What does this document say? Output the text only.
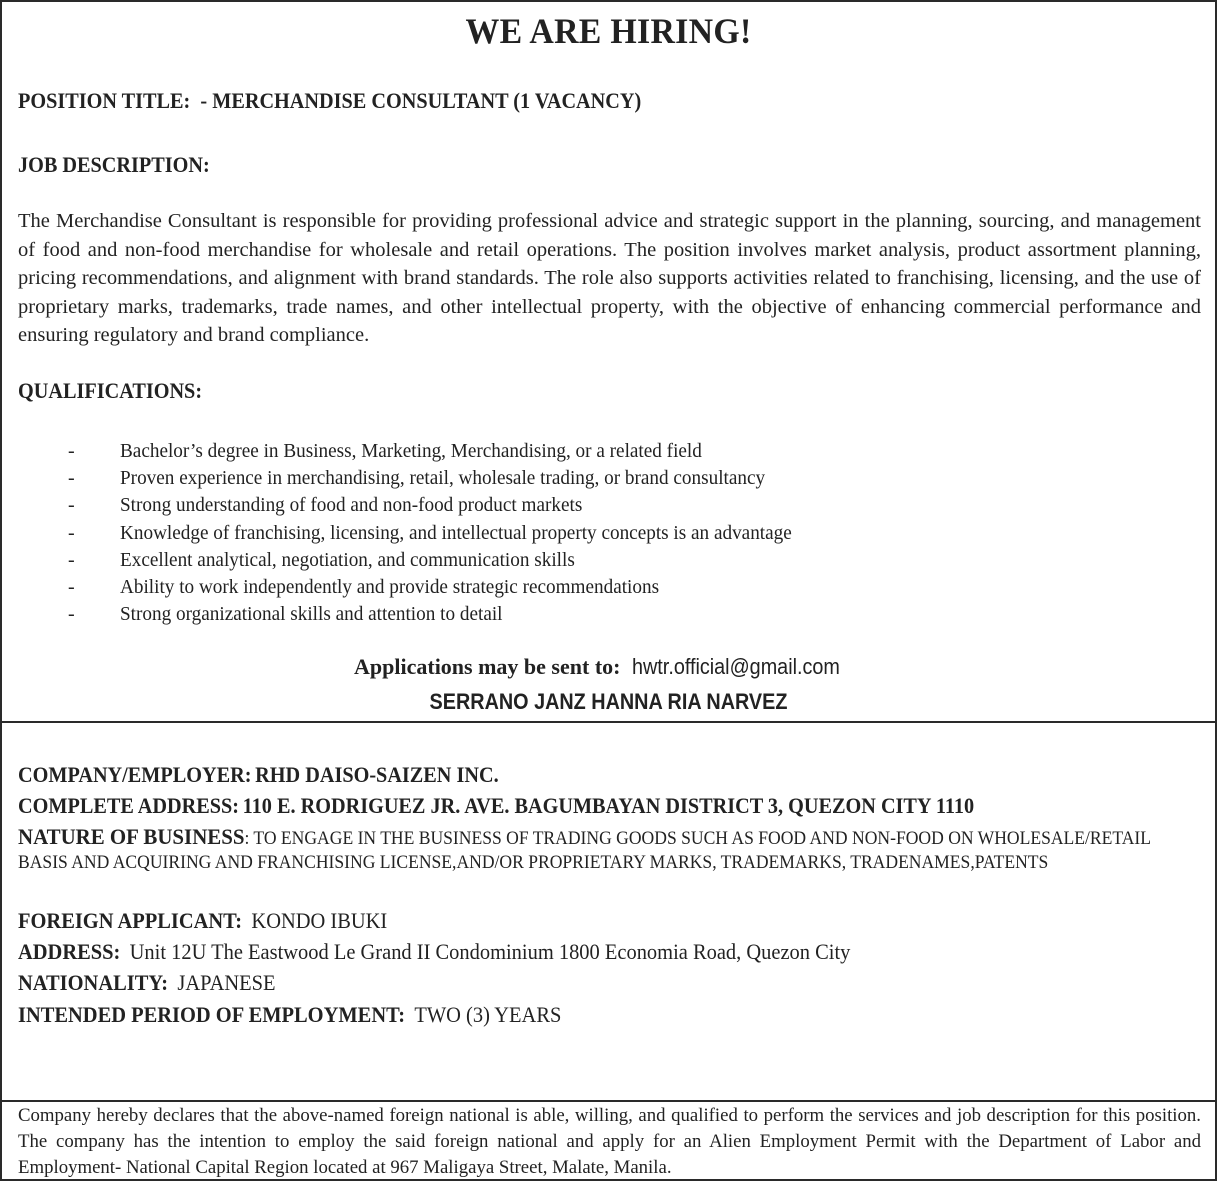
WE ARE HIRING!
POSITION TITLE: - MERCHANDISE CONSULTANT (1 VACANCY)
JOB DESCRIPTION:
The Merchandise Consultant is responsible for providing professional advice and strategic support in the planning, sourcing, and management of food and non-food merchandise for wholesale and retail operations. The position involves market analysis, product assortment planning, pricing recommendations, and alignment with brand standards. The role also supports activities related to franchising, licensing, and the use of proprietary marks, trademarks, trade names, and other intellectual property, with the objective of enhancing commercial performance and ensuring regulatory and brand compliance.
QUALIFICATIONS:
- Bachelor’s degree in Business, Marketing, Merchandising, or a related field
- Proven experience in merchandising, retail, wholesale trading, or brand consultancy
- Strong understanding of food and non-food product markets
- Knowledge of franchising, licensing, and intellectual property concepts is an advantage
- Excellent analytical, negotiation, and communication skills
- Ability to work independently and provide strategic recommendations
- Strong organizational skills and attention to detail
Applications may be sent to: hwtr.official@gmail.com
SERRANO JANZ HANNA RIA NARVEZ
COMPANY/EMPLOYER: RHD DAISO-SAIZEN INC.
COMPLETE ADDRESS: 110 E. RODRIGUEZ JR. AVE. BAGUMBAYAN DISTRICT 3, QUEZON CITY 1110
NATURE OF BUSINESS: TO ENGAGE IN THE BUSINESS OF TRADING GOODS SUCH AS FOOD AND NON-FOOD ON WHOLESALE/RETAIL
BASIS AND ACQUIRING AND FRANCHISING LICENSE,AND/OR PROPRIETARY MARKS, TRADEMARKS, TRADENAMES,PATENTS
FOREIGN APPLICANT: KONDO IBUKI
ADDRESS: Unit 12U The Eastwood Le Grand II Condominium 1800 Economia Road, Quezon City
NATIONALITY: JAPANESE
INTENDED PERIOD OF EMPLOYMENT: TWO (3) YEARS
Company hereby declares that the above-named foreign national is able, willing, and qualified to perform the services and job description for this position. The company has the intention to employ the said foreign national and apply for an Alien Employment Permit with the Department of Labor and Employment- National Capital Region located at 967 Maligaya Street, Malate, Manila.
